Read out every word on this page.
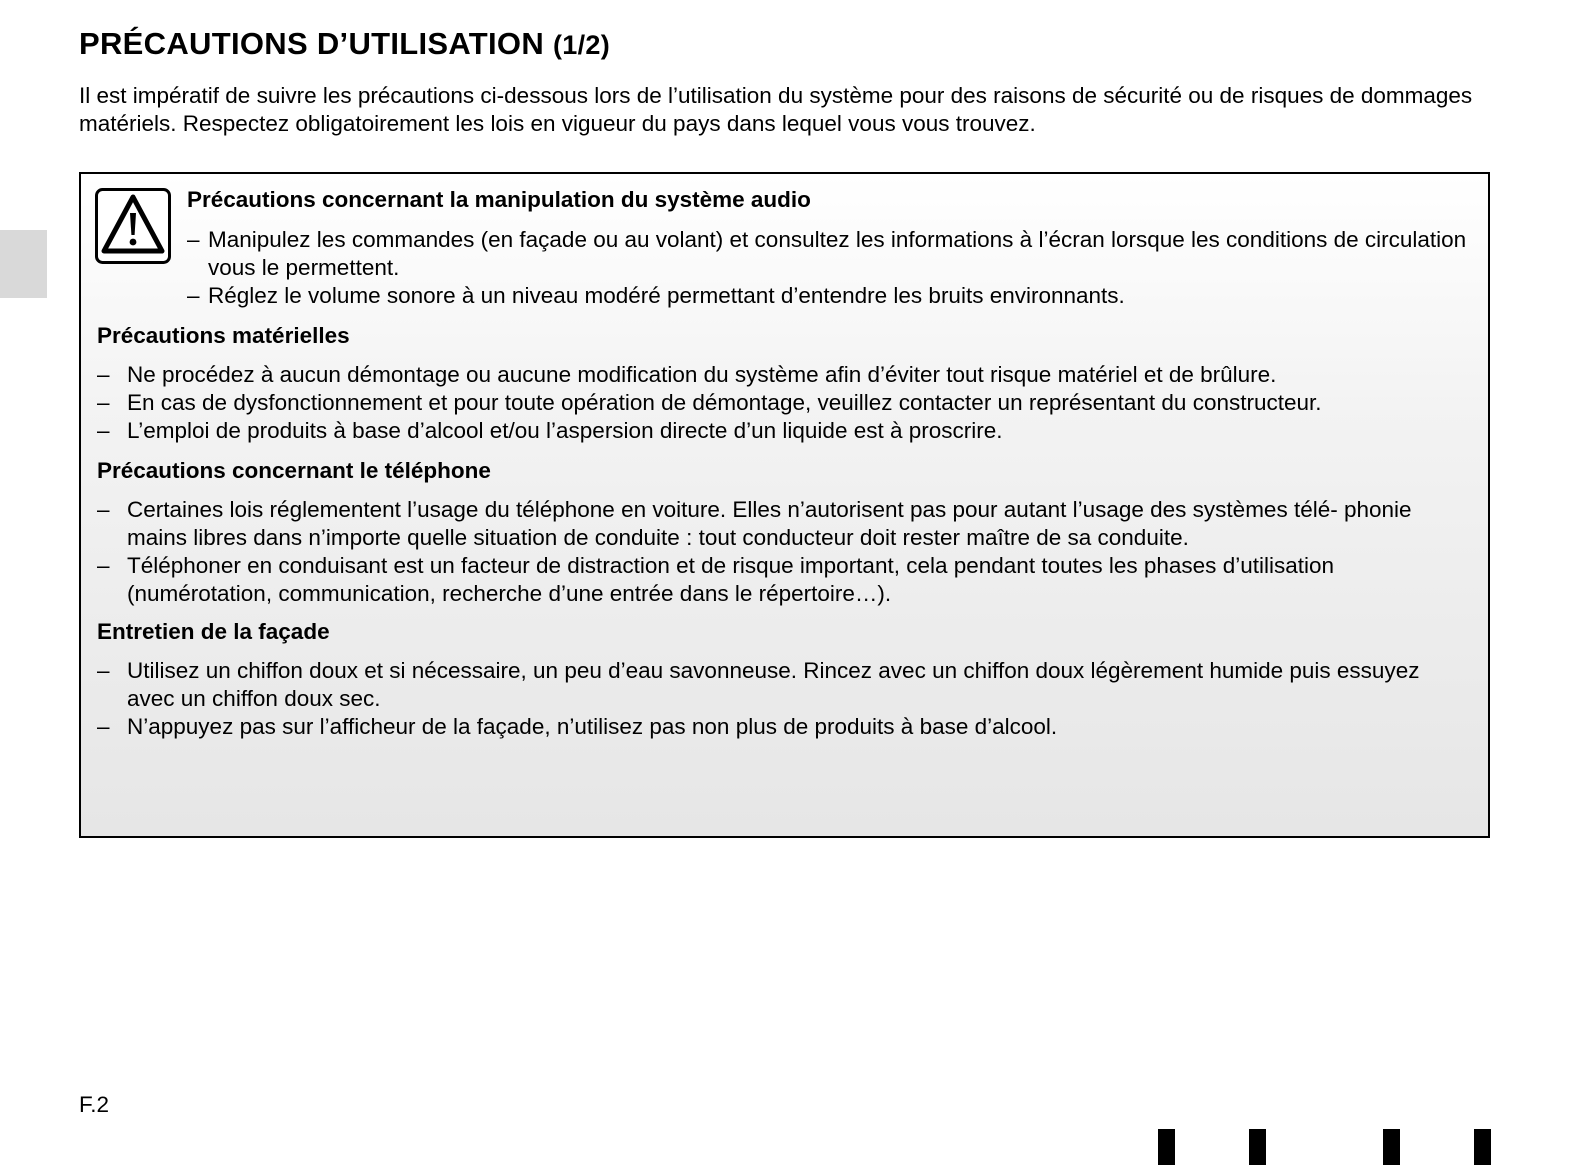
PRÉCAUTIONS D’UTILISATION (1/2)

Il est impératif de suivre les précautions ci-dessous lors de l’utilisation du système pour des raisons de sécurité ou de risques de dommages matériels. Respectez obligatoirement les lois en vigueur du pays dans lequel vous vous trouvez.

Précautions concernant la manipulation du système audio
– Manipulez les commandes (en façade ou au volant) et consultez les informations à l’écran lorsque les conditions de circulation vous le permettent.
– Réglez le volume sonore à un niveau modéré permettant d’entendre les bruits environnants.
Précautions matérielles
– Ne procédez à aucun démontage ou aucune modification du système afin d’éviter tout risque matériel et de brûlure.
– En cas de dysfonctionnement et pour toute opération de démontage, veuillez contacter un représentant du constructeur.
– L’emploi de produits à base d’alcool et/ou l’aspersion directe d’un liquide est à proscrire.
Précautions concernant le téléphone
– Certaines lois réglementent l’usage du téléphone en voiture. Elles n’autorisent pas pour autant l’usage des systèmes télé- phonie mains libres dans n’importe quelle situation de conduite : tout conducteur doit rester maître de sa conduite.
– Téléphoner en conduisant est un facteur de distraction et de risque important, cela pendant toutes les phases d’utilisation (numérotation, communication, recherche d’une entrée dans le répertoire…).
Entretien de la façade
– Utilisez un chiffon doux et si nécessaire, un peu d’eau savonneuse. Rincez avec un chiffon doux légèrement humide puis essuyez avec un chiffon doux sec.
– N’appuyez pas sur l’afficheur de la façade, n’utilisez pas non plus de produits à base d’alcool.
F.2
